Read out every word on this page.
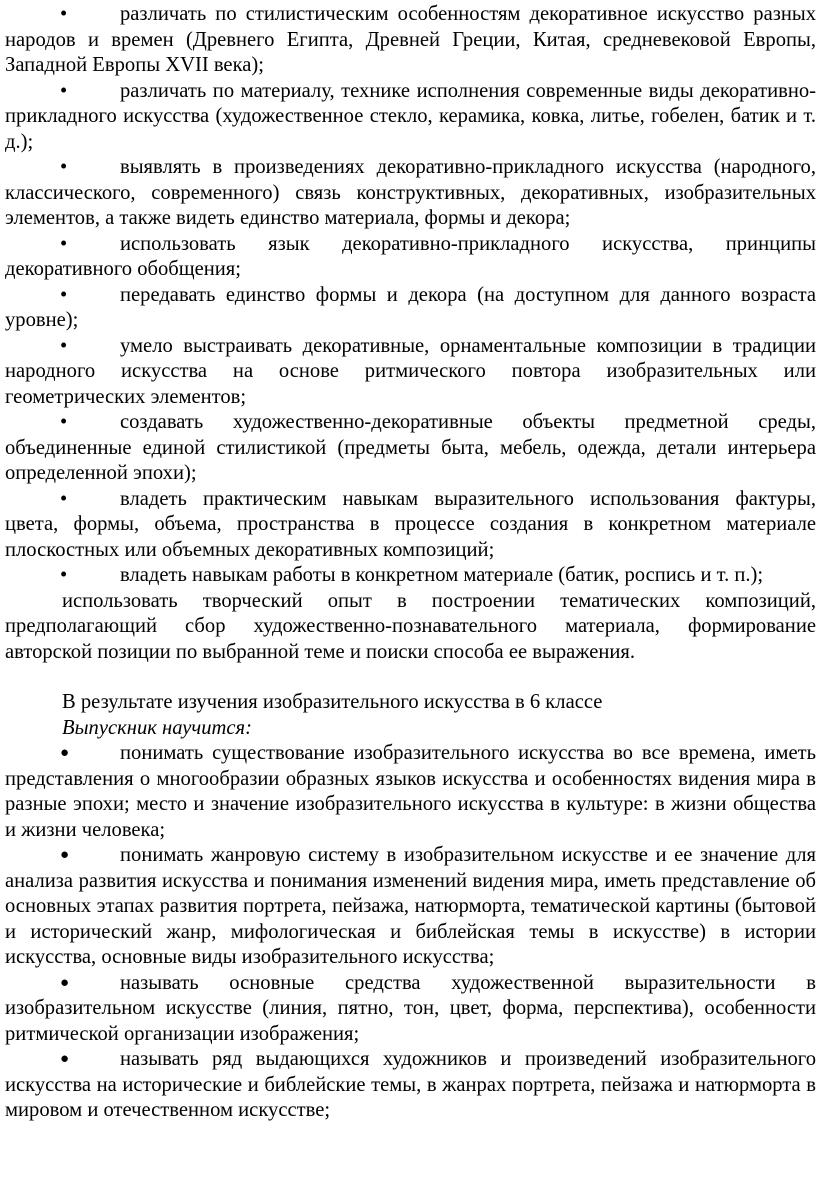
•	различать по стилистическим особенностям декоративное искусство разных народов и времен (Древнего Египта, Древней Греции, Китая, средневековой Европы, Западной Европы XVII века);

•	различать по материалу, технике исполнения современные виды декоративно-прикладного искусства (художественное стекло, керамика, ковка, литье, гобелен, батик и т. д.);

•	выявлять в произведениях декоративно-прикладного искусства (народного, классического, современного) связь конструктивных, декоративных, изобразительных элементов, а также видеть единство материала, формы и декора;

•	использовать язык декоративно-прикладного искусства, принципы декоративного обобщения;

•	передавать единство формы и декора (на доступном для данного возраста уровне);

•	умело выстраивать декоративные, орнаментальные композиции в традиции народного искусства на основе ритмического повтора изобразительных или геометрических элементов;

•	создавать художественно-декоративные объекты предметной среды, объединенные единой стилистикой (предметы быта, мебель, одежда, детали интерьера определенной эпохи);

•	владеть практическим навыкам выразительного использования фактуры, цвета, формы, объема, пространства в процессе создания в конкретном материале плоскостных или объемных декоративных композиций;

•	владеть навыкам работы в конкретном материале (батик, роспись и т. п.);

использовать творческий опыт в построении тематических композиций, предполагающий сбор художественно-познавательного материала, формирование авторской позиции по выбранной теме и поиски способа ее выражения.

В результате изучения изобразительного искусства в 6 классе

Выпускник научится:

● понимать существование изобразительного искусства во все времена, иметь представления о многообразии образных языков искусства и особенностях видения мира в разные эпохи; место и значение изобразительного искусства в культуре: в жизни общества и жизни человека;

● понимать жанровую систему в изобразительном искусстве и ее значение для анализа развития искусства и понимания изменений видения мира, иметь представление об основных этапах развития портрета, пейзажа, натюрморта, тематической картины (бытовой и исторический жанр, мифологическая и библейская темы в искусстве) в истории искусства, основные виды изобразительного искусства;

● называть основные средства художественной выразительности в изобразительном искусстве (линия, пятно, тон, цвет, форма, перспектива), особенности ритмической организации изображения;

● называть ряд выдающихся художников и произведений изобразительного искусства на исторические и библейские темы, в жанрах портрета, пейзажа и натюрморта в мировом и отечественном искусстве;
